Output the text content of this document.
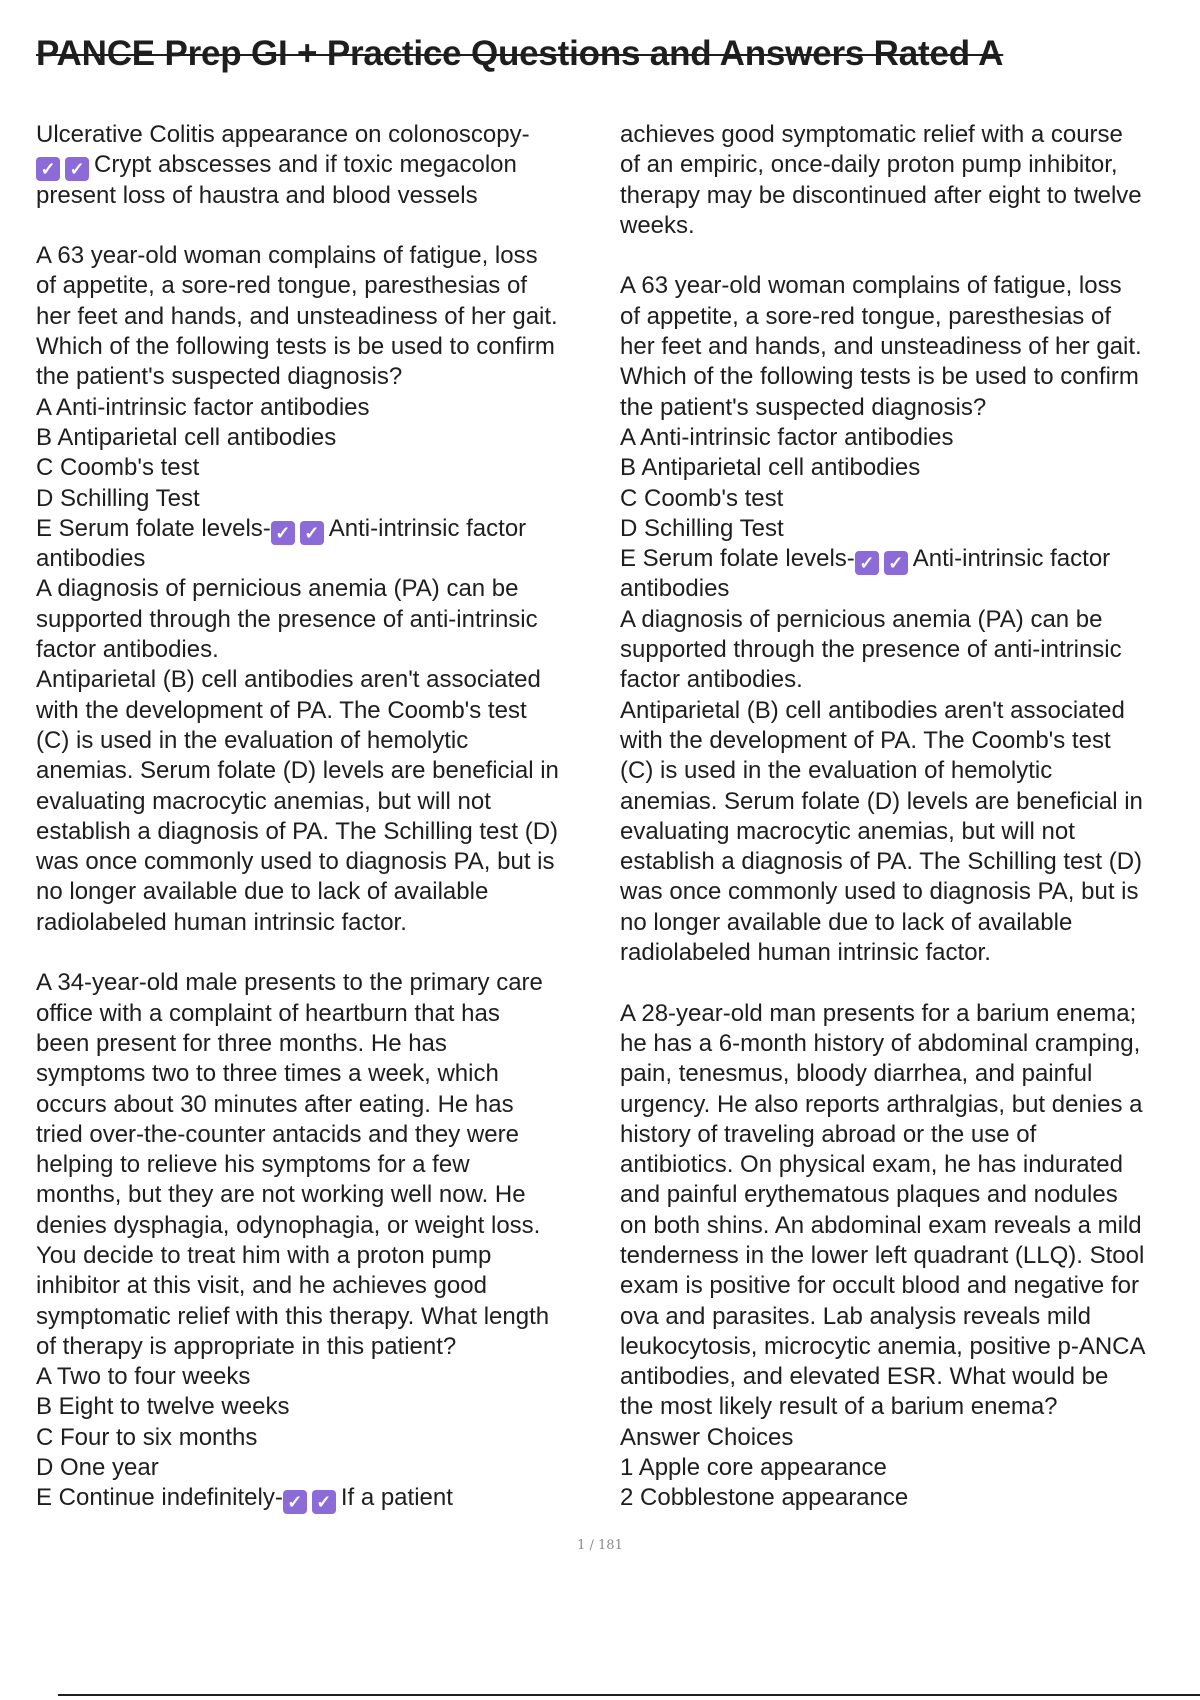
PANCE Prep GI + Practice Questions and Answers Rated A
Ulcerative Colitis appearance on colonoscopy-
✓ ✓ Crypt abscesses and if toxic megacolon
present loss of haustra and blood vessels
A 63 year-old woman complains of fatigue, loss
of appetite, a sore-red tongue, paresthesias of
her feet and hands, and unsteadiness of her gait.
Which of the following tests is be used to confirm
the patient's suspected diagnosis?
A Anti-intrinsic factor antibodies
B Antiparietal cell antibodies
C Coomb's test
D Schilling Test
E Serum folate levels- ✓ ✓ Anti-intrinsic factor
antibodies
A diagnosis of pernicious anemia (PA) can be
supported through the presence of anti-intrinsic
factor antibodies.
Antiparietal (B) cell antibodies aren't associated
with the development of PA. The Coomb's test
(C) is used in the evaluation of hemolytic
anemias. Serum folate (D) levels are beneficial in
evaluating macrocytic anemias, but will not
establish a diagnosis of PA. The Schilling test (D)
was once commonly used to diagnosis PA, but is
no longer available due to lack of available
radiolabeled human intrinsic factor.
A 34-year-old male presents to the primary care
office with a complaint of heartburn that has
been present for three months. He has
symptoms two to three times a week, which
occurs about 30 minutes after eating. He has
tried over-the-counter antacids and they were
helping to relieve his symptoms for a few
months, but they are not working well now. He
denies dysphagia, odynophagia, or weight loss.
You decide to treat him with a proton pump
inhibitor at this visit, and he achieves good
symptomatic relief with this therapy. What length
of therapy is appropriate in this patient?
A Two to four weeks
B Eight to twelve weeks
C Four to six months
D One year
E Continue indefinitely- ✓ ✓ If a patient
achieves good symptomatic relief with a course
of an empiric, once-daily proton pump inhibitor,
therapy may be discontinued after eight to twelve
weeks.
A 63 year-old woman complains of fatigue, loss
of appetite, a sore-red tongue, paresthesias of
her feet and hands, and unsteadiness of her gait.
Which of the following tests is be used to confirm
the patient's suspected diagnosis?
A Anti-intrinsic factor antibodies
B Antiparietal cell antibodies
C Coomb's test
D Schilling Test
E Serum folate levels- ✓ ✓ Anti-intrinsic factor
antibodies
A diagnosis of pernicious anemia (PA) can be
supported through the presence of anti-intrinsic
factor antibodies.
Antiparietal (B) cell antibodies aren't associated
with the development of PA. The Coomb's test
(C) is used in the evaluation of hemolytic
anemias. Serum folate (D) levels are beneficial in
evaluating macrocytic anemias, but will not
establish a diagnosis of PA. The Schilling test (D)
was once commonly used to diagnosis PA, but is
no longer available due to lack of available
radiolabeled human intrinsic factor.
A 28-year-old man presents for a barium enema;
he has a 6-month history of abdominal cramping,
pain, tenesmus, bloody diarrhea, and painful
urgency. He also reports arthralgias, but denies a
history of traveling abroad or the use of
antibiotics. On physical exam, he has indurated
and painful erythematous plaques and nodules
on both shins. An abdominal exam reveals a mild
tenderness in the lower left quadrant (LLQ). Stool
exam is positive for occult blood and negative for
ova and parasites. Lab analysis reveals mild
leukocytosis, microcytic anemia, positive p-ANCA
antibodies, and elevated ESR. What would be
the most likely result of a barium enema?
Answer Choices
1 Apple core appearance
2 Cobblestone appearance
1 / 181
